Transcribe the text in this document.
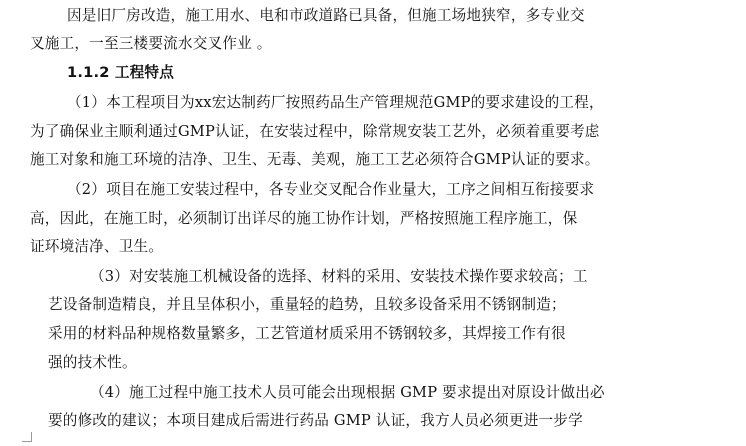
因是旧厂房改造，施工用水、电和市政道路已具备，但施工场地狭窄，多专业交
叉施工，一至三楼要流水交叉作业 。
1.1.2 工程特点
（1）本工程项目为xx宏达制药厂按照药品生产管理规范GMP的要求建设的工程，
为了确保业主顺利通过GMP认证，在安装过程中，除常规安装工艺外，必须着重要考虑
施工对象和施工环境的洁净、卫生、无毒、美观，施工工艺必须符合GMP认证的要求。
（2）项目在施工安装过程中，各专业交叉配合作业量大，工序之间相互衔接要求
高，因此，在施工时，必须制订出详尽的施工协作计划，严格按照施工程序施工，保
证环境洁净、卫生。
（3）对安装施工机械设备的选择、材料的采用、安装技术操作要求较高；工
艺设备制造精良，并且呈体积小，重量轻的趋势，且较多设备采用不锈钢制造；
采用的材料品种规格数量繁多，工艺管道材质采用不锈钢较多，其焊接工作有很
强的技术性。
（4）施工过程中施工技术人员可能会出现根据 GMP 要求提出对原设计做出必
要的修改的建议；本项目建成后需进行药品 GMP 认证，我方人员必须更进一步学
